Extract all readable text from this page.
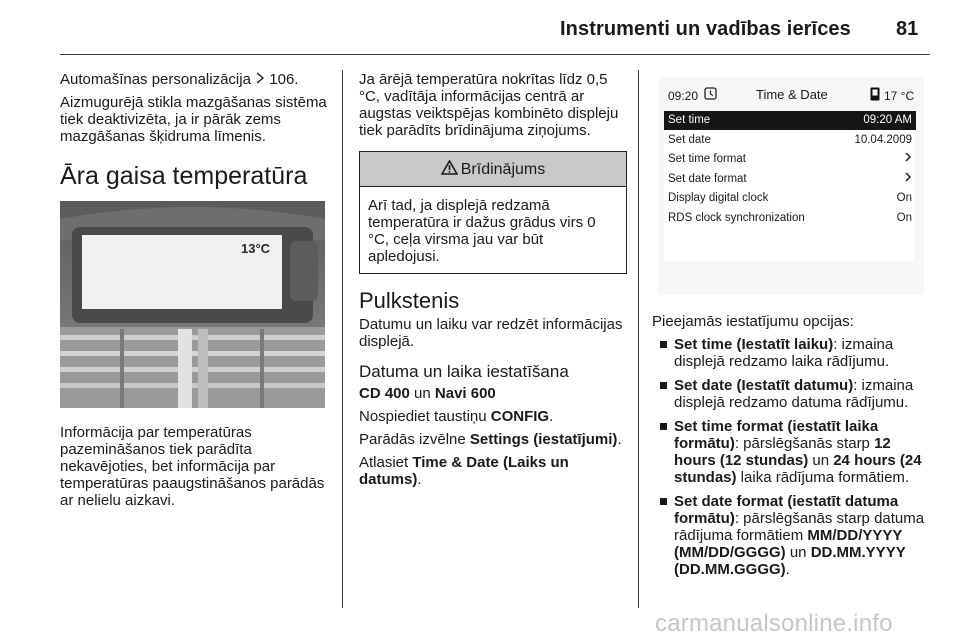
Instrumenti un vadības ierīces 81

Automašīnas personalizācija 106.

Aizmugurējā stikla mazgāšanas sistēma tiek deaktivizēta, ja ir pārāk zems mazgāšanas šķidruma līmenis.

Āra gaisa temperatūra
13°C

Informācija par temperatūras pazemināšanos tiek parādīta nekavējoties, bet informācija par temperatūras paaugstināšanos parādās ar nelielu aizkavi.

Ja ārējā temperatūra nokrītas līdz 0,5 °C, vadītāja informācijas centrā ar augstas veiktspējas kombinēto displeju tiek parādīts brīdinājuma ziņojums.

Brīdinājums
Arī tad, ja displejā redzamā temperatūra ir dažus grādus virs 0 °C, ceļa virsma jau var būt apledojusi.
Pulkstenis

Datumu un laiku var redzēt informācijas displejā.

Datuma un laika iestatīšana

CD 400 un Navi 600

Nospiediet taustiņu CONFIG.

Parādās izvēlne Settings (iestatījumi).

Atlasiet Time & Date (Laiks un datums).

09:20	Time & Date	17 °C
Set time	09:20 AM
Set date	10.04.2009
Set time format
Set date format
Display digital clock	On
RDS clock synchronization	On

Pieejamās iestatījumu opcijas:

Set time (Iestatīt laiku): izmaina displejā redzamo laika rādījumu.
Set date (Iestatīt datumu): izmaina displejā redzamo datuma rādījumu.
Set time format (iestatīt laika formātu): pārslēgšanās starp 12 hours (12 stundas) un 24 hours (24 stundas) laika rādījuma formātiem.
Set date format (iestatīt datuma formātu): pārslēgšanās starp datuma rādījuma formātiem MM/DD/YYYY (MM/DD/GGGG) un DD.MM.YYYY (DD.MM.GGGG).
carmanualsonline.info
